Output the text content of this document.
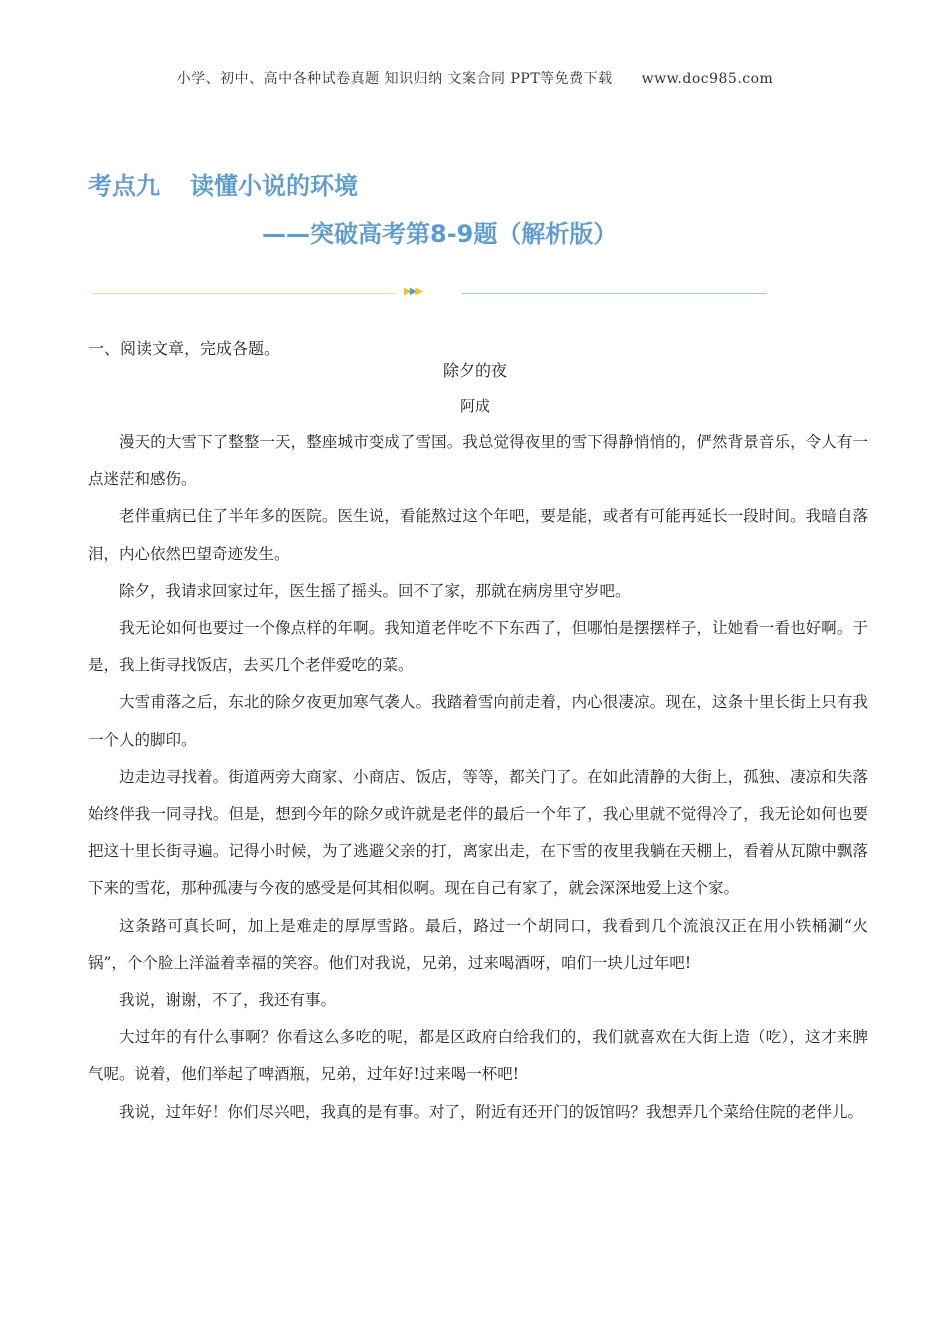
小学、初中、高中各种试卷真题 知识归纳 文案合同 PPT等免费下载 www.doc985.com
考点九 读懂小说的环境
——突破高考第8-9题（解析版）
▶▶▶
一、阅读文章，完成各题。
除夕的夜
阿成

漫天的大雪下了整整一天，整座城市变成了雪国。我总觉得夜里的雪下得静悄悄的，俨然背景音乐，令人有一点迷茫和感伤。

老伴重病已住了半年多的医院。医生说，看能熬过这个年吧，要是能，或者有可能再延长一段时间。我暗自落泪，内心依然巴望奇迹发生。

除夕，我请求回家过年，医生摇了摇头。回不了家，那就在病房里守岁吧。

我无论如何也要过一个像点样的年啊。我知道老伴吃不下东西了，但哪怕是摆摆样子，让她看一看也好啊。于是，我上街寻找饭店，去买几个老伴爱吃的菜。

大雪甫落之后，东北的除夕夜更加寒气袭人。我踏着雪向前走着，内心很凄凉。现在，这条十里长街上只有我一个人的脚印。

边走边寻找着。街道两旁大商家、小商店、饭店，等等，都关门了。在如此清静的大街上，孤独、凄凉和失落始终伴我一同寻找。但是，想到今年的除夕或许就是老伴的最后一个年了，我心里就不觉得冷了，我无论如何也要把这十里长街寻遍。记得小时候，为了逃避父亲的打，离家出走，在下雪的夜里我躺在天棚上，看着从瓦隙中飘落下来的雪花，那种孤凄与今夜的感受是何其相似啊。现在自己有家了，就会深深地爱上这个家。

这条路可真长呵，加上是难走的厚厚雪路。最后，路过一个胡同口，我看到几个流浪汉正在用小铁桶涮“火锅”，个个脸上洋溢着幸福的笑容。他们对我说，兄弟，过来喝酒呀，咱们一块儿过年吧!

我说，谢谢，不了，我还有事。

大过年的有什么事啊？你看这么多吃的呢，都是区政府白给我们的，我们就喜欢在大街上造（吃），这才来脾气呢。说着，他们举起了啤酒瓶，兄弟，过年好!过来喝一杯吧!

我说，过年好！你们尽兴吧，我真的是有事。对了，附近有还开门的饭馆吗？我想弄几个菜给住院的老伴儿。
